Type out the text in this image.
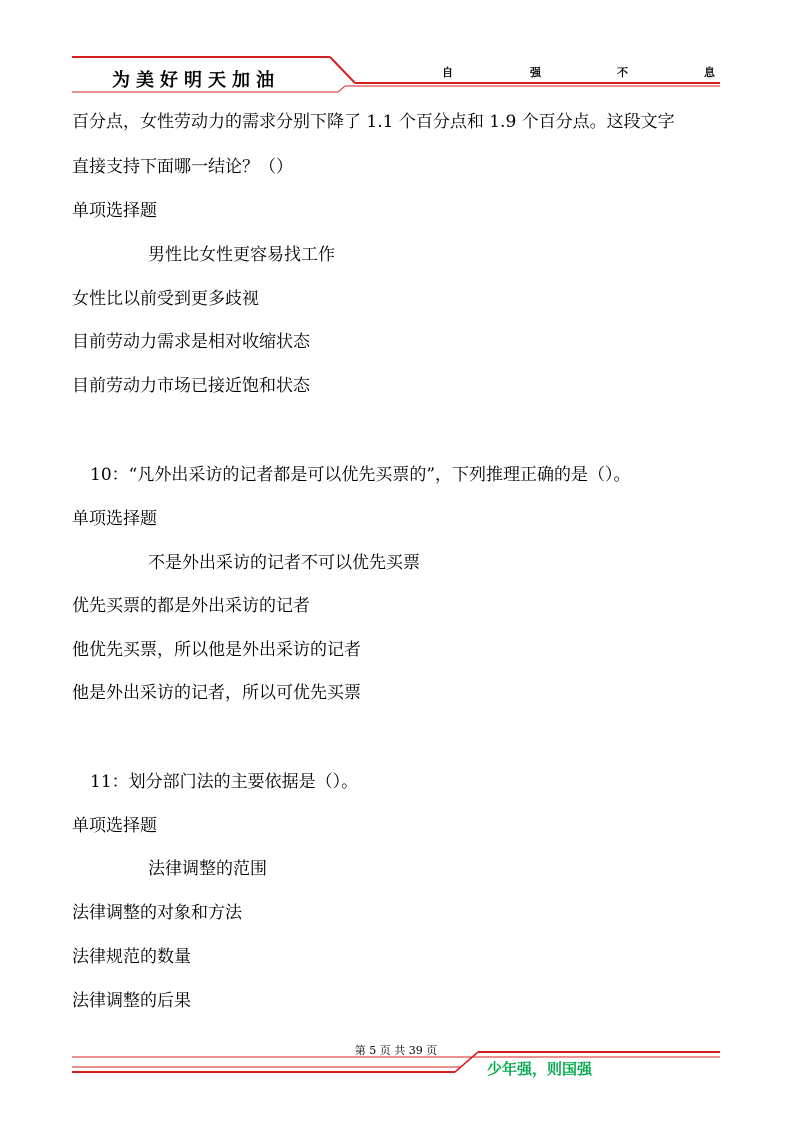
为美好明天加油	自	强	不	息
百分点，女性劳动力的需求分别下降了 1.1 个百分点和 1.9 个百分点。这段文字
直接支持下面哪一结论？（）
单项选择题
男性比女性更容易找工作
女性比以前受到更多歧视
目前劳动力需求是相对收缩状态
目前劳动力市场已接近饱和状态
10：“凡外出采访的记者都是可以优先买票的”，下列推理正确的是（）。
单项选择题
不是外出采访的记者不可以优先买票
优先买票的都是外出采访的记者
他优先买票，所以他是外出采访的记者
他是外出采访的记者，所以可优先买票
11：划分部门法的主要依据是（）。
单项选择题
法律调整的范围
法律调整的对象和方法
法律规范的数量
法律调整的后果
第 5 页 共 39 页
少年强，则国强
